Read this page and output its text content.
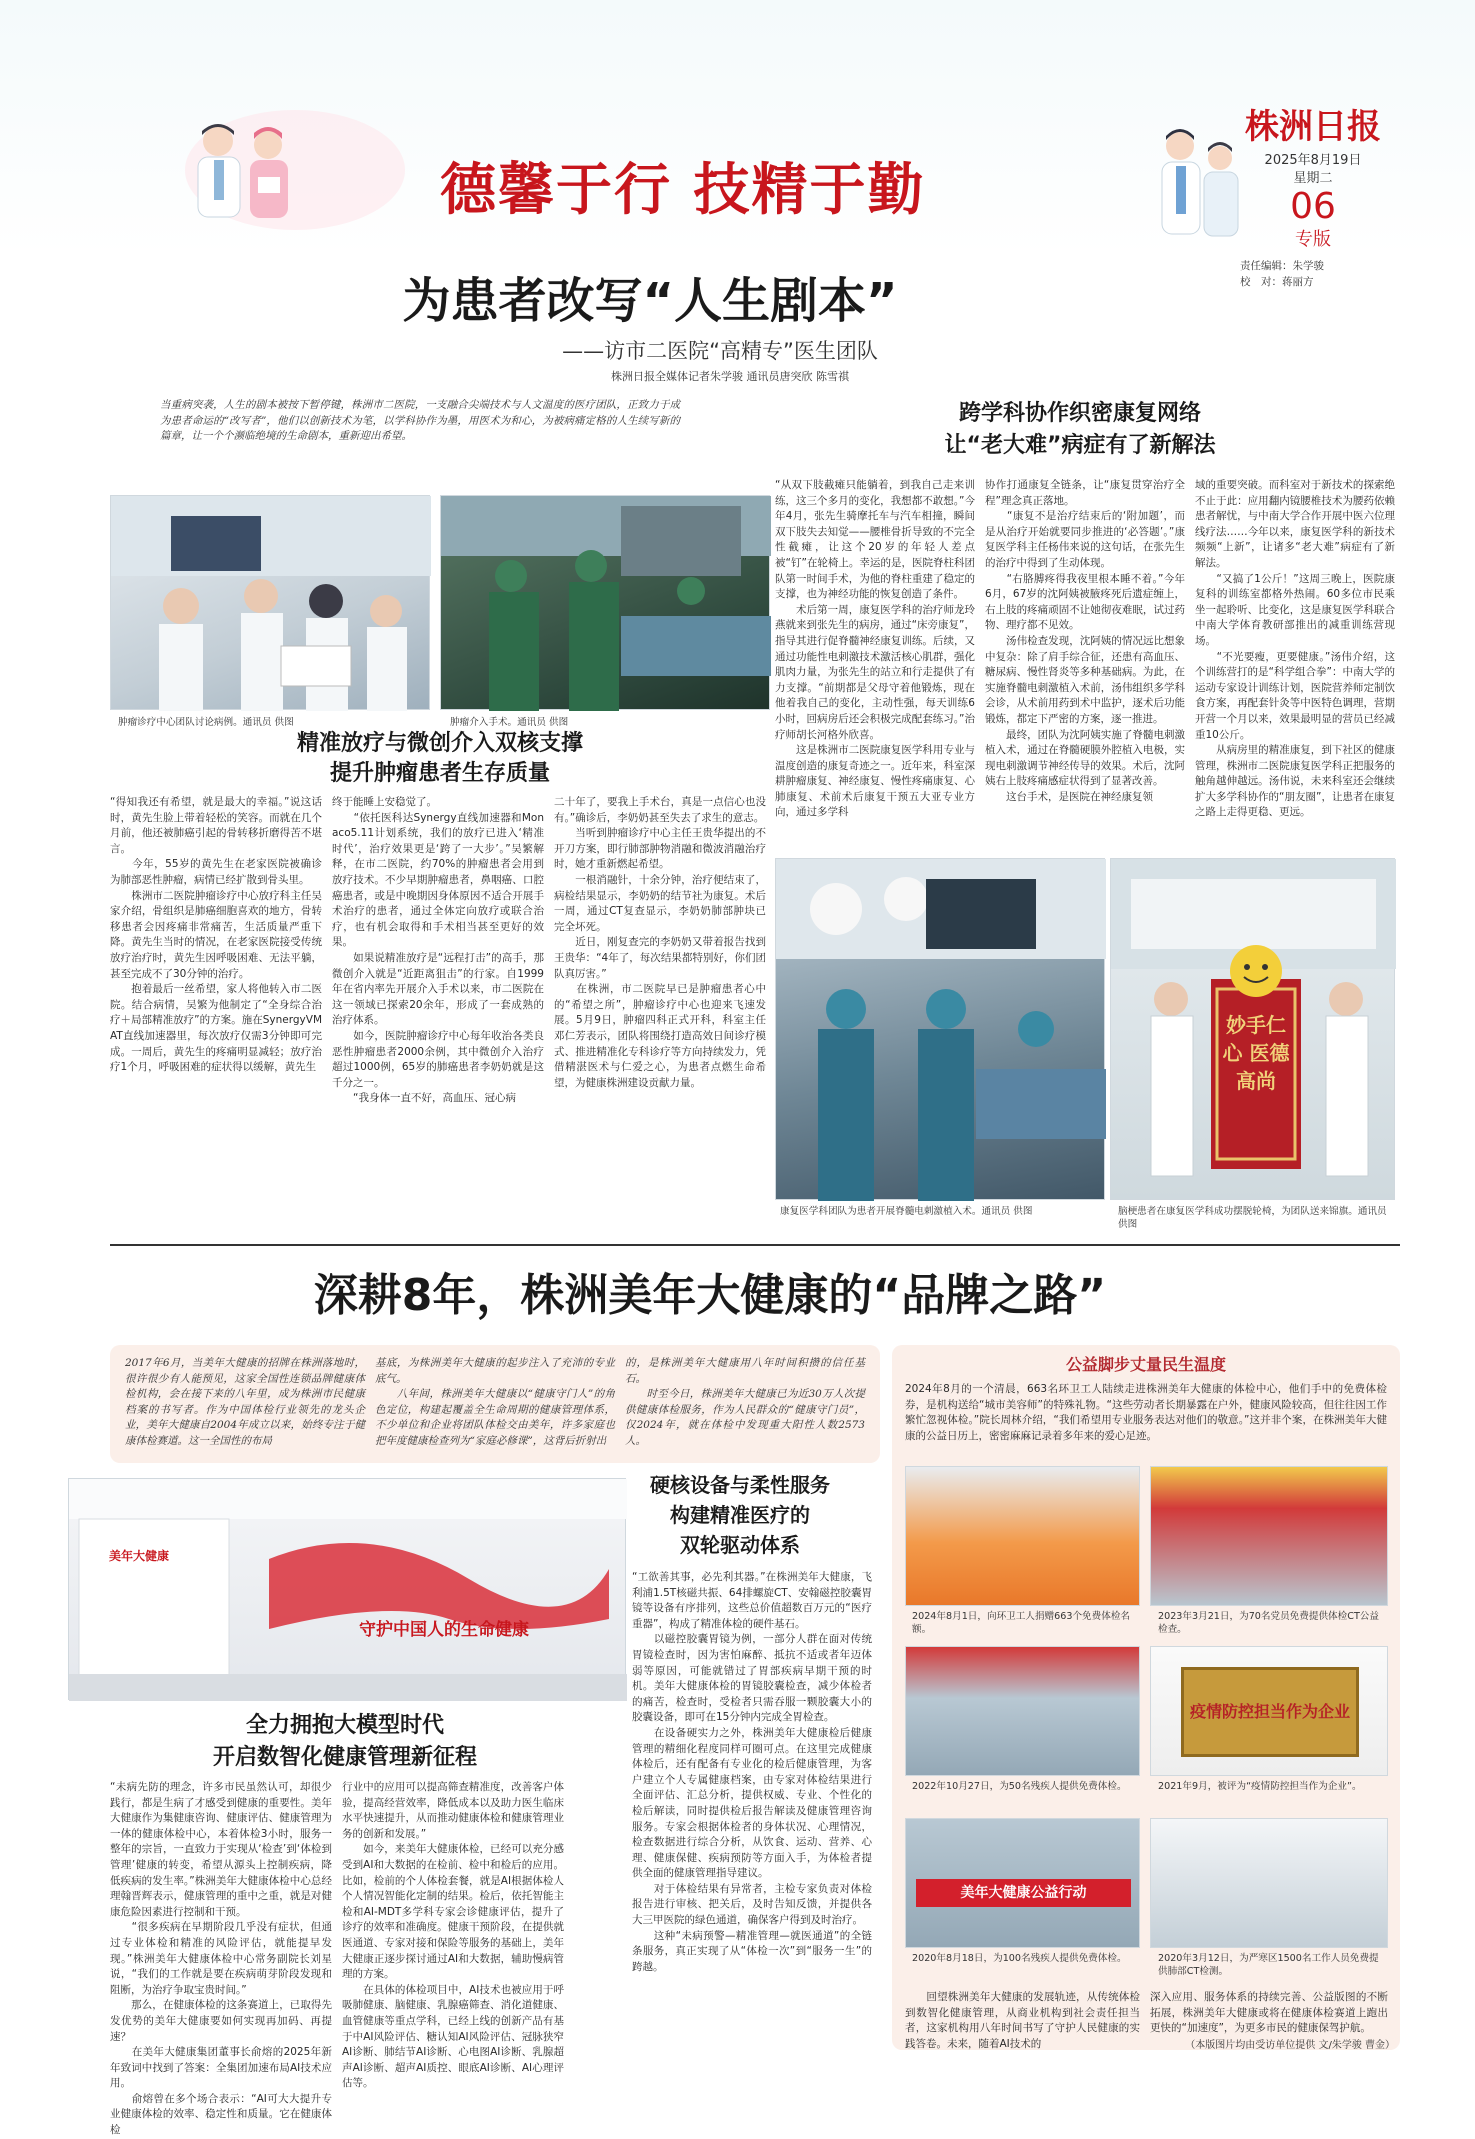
德馨于行 技精于勤
株洲日报
2025年8月19日
星期二
06
专版
责任编辑：朱学骏
校　对：蒋丽方
为患者改写“人生剧本”
——访市二医院“高精专”医生团队
株洲日报全媒体记者朱学骏 通讯员唐突欣 陈雪祺
当重病突袭，人生的剧本被按下暂停键，株洲市二医院，一支融合尖端技术与人文温度的医疗团队，正致力于成为患者命运的“改写者”，他们以创新技术为笔，以学科协作为墨，用医术为和心，为被病痛定格的人生续写新的篇章，让一个个濒临绝境的生命剧本，重新迎出希望。
肿瘤诊疗中心团队讨论病例。通讯员 供图	肿瘤介入手术。通讯员 供图
精准放疗与微创介入双核支撑
提升肿瘤患者生存质量
“得知我还有希望，就是最大的幸福。”说这话时，黄先生脸上带着轻松的笑容。而就在几个月前，他还被肺癌引起的骨转移折磨得苦不堪言。
　　今年，55岁的黄先生在老家医院被确诊为肺部恶性肿瘤，病情已经扩散到骨头里。
　　株洲市二医院肿瘤诊疗中心放疗科主任吴家介绍，骨组织是肺癌细胞喜欢的地方，骨转移患者会因疼痛非常痛苦，生活质量严重下降。黄先生当时的情况，在老家医院接受传统放疗治疗时，黄先生因呼吸困难、无法平躺，甚至完成不了30分钟的治疗。
　　抱着最后一丝希望，家人将他转入市二医院。结合病情，吴繁为他制定了“全身综合治疗＋局部精准放疗”的方案。施在SynergyVMAT直线加速器里，每次放疗仅需3分钟即可完成。一周后，黄先生的疼痛明显减轻；放疗治疗1个月，呼吸困难的症状得以缓解，黄先生
终于能睡上安稳觉了。
　　“依托医科达Synergy直线加速器和Monaco5.11计划系统，我们的放疗已进入‘精准时代’，治疗效果更是‘跨了一大步’。”吴繁解释，在市二医院，约70%的肿瘤患者会用到放疗技术。不少早期肿瘤患者，鼻咽癌、口腔癌患者，或是中晚期因身体原因不适合开展手术治疗的患者，通过全体定向放疗或联合治疗，也有机会取得和手术相当甚至更好的效果。
　　如果说精准放疗是“远程打击”的高手，那微创介入就是“近距离狙击”的行家。自1999年在省内率先开展介入手术以来，市二医院在这一领域已探索20余年，形成了一套成熟的治疗体系。
　　如今，医院肿瘤诊疗中心每年收治各类良恶性肿瘤患者2000余例，其中微创介入治疗超过1000例，65岁的肺癌患者李奶奶就是这千分之一。
　　“我身体一直不好，高血压、冠心病
二十年了，要我上手术台，真是一点信心也没有。”确诊后，李奶奶甚至失去了求生的意志。
　　当听到肿瘤诊疗中心主任王贵华提出的不开刀方案，即行肺部肿物消融和微波消融治疗时，她才重新燃起希望。
　　一根消融针，十余分钟，治疗便结束了，病检结果显示，李奶奶的结节社为康复。术后一周，通过CT复查显示，李奶奶肺部肿块已完全坏死。
　　近日，刚复查完的李奶奶又带着报告找到王贵华：“4年了，每次结果都特别好，你们团队真厉害。”
　　在株洲，市二医院早已是肿瘤患者心中的“希望之所”，肿瘤诊疗中心也迎来飞速发展。5月9日，肿瘤四科正式开科，科室主任邓仁芳表示，团队将围绕打造高效日间诊疗模式、推进精准化专科诊疗等方向持续发力，凭借精湛医术与仁爱之心，为患者点燃生命希望，为健康株洲建设贡献力量。
跨学科协作织密康复网络
让“老大难”病症有了新解法
“从双下肢截瘫只能躺着，到我自己走来训练，这三个多月的变化，我想都不敢想。”今年4月，张先生骑摩托车与汽车相撞，瞬间双下肢失去知觉——腰椎骨折导致的不完全性截瘫，让这个20岁的年轻人差点被“钉”在轮椅上。幸运的是，医院脊柱科团队第一时间手术，为他的脊柱重建了稳定的支撑，也为神经功能的恢复创造了条件。
　　术后第一周，康复医学科的治疗师龙玲燕就来到张先生的病房，通过“床旁康复”，指导其进行促脊髓神经康复训练。后续，又通过功能性电刺激技术激活核心肌群，强化肌肉力量，为张先生的站立和行走提供了有力支撑。“前期都是父母守着他锻炼，现在他着我自己的变化，主动性强，每天训练6小时，回病房后还会积极完成配套练习。”治疗师胡长河格外欣喜。
　　这是株洲市二医院康复医学科用专业与温度创造的康复奇迹之一。近年来，科室深耕肿瘤康复、神经康复、慢性疼痛康复、心肺康复、术前术后康复干预五大亚专业方向，通过多学科
协作打通康复全链条，让“康复贯穿治疗全程”理念真正落地。
　　“康复不是治疗结束后的‘附加题’，而是从治疗开始就要同步推进的‘必答题’。”康复医学科主任杨伟来说的这句话，在张先生的治疗中得到了生动体现。
　　“右胳膊疼得我夜里根本睡不着。”今年6月，67岁的沈阿姨被腋疼死后遗症缠上，右上肢的疼痛顽固不让她彻夜难眠，试过药物、理疗都不见效。
　　汤伟检查发现，沈阿姨的情况远比想象中复杂：除了肩手综合征，还患有高血压、糖尿病、慢性肾炎等多种基础病。为此，在实施脊髓电刺激植入术前，汤伟组织多学科会诊，从术前用药到术中监护，逐术后功能锻炼，都定下严密的方案，逐一推进。
　　最终，团队为沈阿姨实施了脊髓电刺激植入术，通过在脊髓硬膜外腔植入电极，实现电刺激调节神经传导的效果。术后，沈阿姨右上肢疼痛感症状得到了显著改善。
　　这台手术，是医院在神经康复领
域的重要突破。而科室对于新技术的探索绝不止于此：应用翻内镜腰椎技术为腰药依赖患者解忧，与中南大学合作开展中医六位理线疗法……今年以来，康复医学科的新技术频频“上新”，让诸多“老大难”病症有了新解法。
　　“又搞了1公斤！”这周三晚上，医院康复科的训练室都格外热闹。60多位市民乘坐一起聆听、比变化，这是康复医学科联合中南大学体育教研部推出的减重训练营现场。
　　“不光要瘦，更要健康。”汤伟介绍，这个训练营打的是“科学组合拳”：中南大学的运动专家设计训练计划，医院营养师定制饮食方案，再配套针灸等中医特色调理，营期开营一个月以来，效果最明显的营员已经减重10公斤。
　　从病房里的精准康复，到下社区的健康管理，株洲市二医院康复医学科正把服务的触角越伸越远。汤伟说，未来科室还会继续扩大多学科协作的“朋友圈”，让患者在康复之路上走得更稳、更远。
妙手仁心 医德高尚
康复医学科团队为患者开展脊髓电刺激植入术。通讯员 供图	脑梗患者在康复医学科成功摆脱轮椅，为团队送来锦旗。通讯员 供图
深耕8年，株洲美年大健康的“品牌之路”
2017年6月，当美年大健康的招牌在株洲落地时，很许很少有人能预见，这家全国性连锁品牌健康体检机构，会在接下来的八年里，成为株洲市民健康档案的书写者。作为中国体检行业领先的龙头企业，美年大健康自2004年成立以来，始终专注于健康体检赛道。这一全国性的布局
基底，为株洲美年大健康的起步注入了充沛的专业底气。
　　八年间，株洲美年大健康以“健康守门人”的角色定位，构建起覆盖全生命周期的健康管理体系，不少单位和企业将团队体检交由美年，许多家庭也把年度健康检查列为“家庭必修课”，这背后折射出
的，是株洲美年大健康用八年时间积攒的信任基石。
　　时至今日，株洲美年大健康已为近30万人次提供健康体检服务，作为人民群众的“健康守门员”，仅2024年，就在体检中发现重大阳性人数2573人。
美年大健康
守护中国人的生命健康
全力拥抱大模型时代
开启数智化健康管理新征程
“未病先防的理念，许多市民虽然认可，却很少践行，都是生病了才感受到健康的重要性。美年大健康作为集健康咨询、健康评估、健康管理为一体的健康体检中心，本着体检3小时，服务一整年的宗旨，一直致力于实现从‘检查’到‘体检到管理’健康的转变，希望从源头上控制疾病，降低疾病的发生率。”株洲美年大健康体检中心总经理翰晋辉表示，健康管理的重中之重，就是对健康危险因素进行控制和干预。
　　“很多疾病在早期阶段几乎没有症状，但通过专业体检和精准的风险评估，就能提早发现。”株洲美年大健康体检中心常务副院长刘星说，“我们的工作就是要在疾病萌芽阶段发现和阻断，为治疗争取宝贵时间。”
　　那么，在健康体检的这条赛道上，已取得先发优势的美年大健康要如何实现再加码、再提速？
　　在美年大健康集团董事长俞熔的2025年新年致词中找到了答案：全集团加速布局AI技术应用。
　　俞熔曾在多个场合表示：“AI可大大提升专业健康体检的效率、稳定性和质量。它在健康体检
行业中的应用可以提高筛查精准度，改善客户体验，提高经营效率，降低成本以及助力医生临床水平快速提升，从而推动健康体检和健康管理业务的创新和发展。”
　　如今，来美年大健康体检，已经可以充分感受到AI和大数据的在检前、检中和检后的应用。比如，检前的个人体检套餐，就是AI根据体检人个人情况智能化定制的结果。检后，依托智能主检和AI-MDT多学科专家会诊健康评估，提升了诊疗的效率和准确度。健康干预阶段，在提供就医通道、专家对接和保险等服务的基础上，美年大健康正逐步探讨通过AI和大数据，辅助慢病管理的方案。
　　在具体的体检项目中，AI技术也被应用于呼吸肺健康、脑健康、乳腺癌筛查、消化道健康、血管健康等重点学科，已经上线的创新产品有基于中AI风险评估、糖认知AI风险评估、冠脉狭窄AI诊断、肺结节AI诊断、心电图AI诊断、乳腺超声AI诊断、超声AI质控、眼底AI诊断、AI心理评估等。
硬核设备与柔性服务
构建精准医疗的
双轮驱动体系
“工欲善其事，必先利其器。”在株洲美年大健康，飞利浦1.5T核磁共振、64排螺旋CT、安翰磁控胶囊胃镜等设备有序排列，这些总价值超数百万元的“医疗重器”，构成了精准体检的硬件基石。
　　以磁控胶囊胃镜为例，一部分人群在面对传统胃镜检查时，因为害怕麻醉、抵抗不适或者年迈体弱等原因，可能就错过了胃部疾病早期干预的时机。美年大健康体检的胃镜胶囊检查，减少体检者的痛苦，检查时，受检者只需吞服一颗胶囊大小的胶囊设备，即可在15分钟内完成全胃检查。
　　在设备硬实力之外，株洲美年大健康检后健康管理的精细化程度同样可圈可点。在这里完成健康体检后，还有配备有专业化的检后健康管理，为客户建立个人专属健康档案，由专家对体检结果进行全面评估、汇总分析，提供权威、专业、个性化的检后解读，同时提供检后报告解读及健康管理咨询服务。专家会根据体检者的身体状况、心理情况，检查数据进行综合分析，从饮食、运动、营养、心理、健康保健、疾病预防等方面入手，为体检者提供全面的健康管理指导建议。
　　对于体检结果有异常者，主检专家负责对体检报告进行审核、把关后，及时告知反馈，并提供各大三甲医院的绿色通道，确保客户得到及时治疗。
　　这种“未病预警—精准管理—就医通道”的全链条服务，真正实现了从“体检一次”到“服务一生”的跨越。
公益脚步丈量民生温度
2024年8月的一个清晨，663名环卫工人陆续走进株洲美年大健康的体检中心，他们手中的免费体检券，是机构送给“城市美容师”的特殊礼物。“这些劳动者长期暴露在户外，健康风险较高，但往往因工作繁忙忽视体检。”院长周林介绍，“我们希望用专业服务表达对他们的敬意。”这并非个案，在株洲美年大健康的公益日历上，密密麻麻记录着多年来的爱心足迹。
2024年8月1日，向环卫工人捐赠663个免费体检名额。
2023年3月21日，为70名党员免费提供体检CT公益检查。
疫情防控担当作为企业
2022年10月27日，为50名残疾人提供免费体检。	2021年9月，被评为“疫情防控担当作为企业”。
美年大健康公益行动
2020年8月18日，为100名残疾人提供免费体检。	2020年3月12日，为严寒区1500名工作人员免费提供肺部CT检测。
　　回望株洲美年大健康的发展轨迹，从传统体检到数智化健康管理，从商业机构到社会责任担当者，这家机构用八年时间书写了守护人民健康的实践答卷。未来，随着AI技术的
深入应用、服务体系的持续完善、公益版图的不断拓展，株洲美年大健康或将在健康体检赛道上跑出更快的“加速度”，为更多市民的健康保驾护航。
（本版图片均由受访单位提供 文/朱学骏 曹金）
